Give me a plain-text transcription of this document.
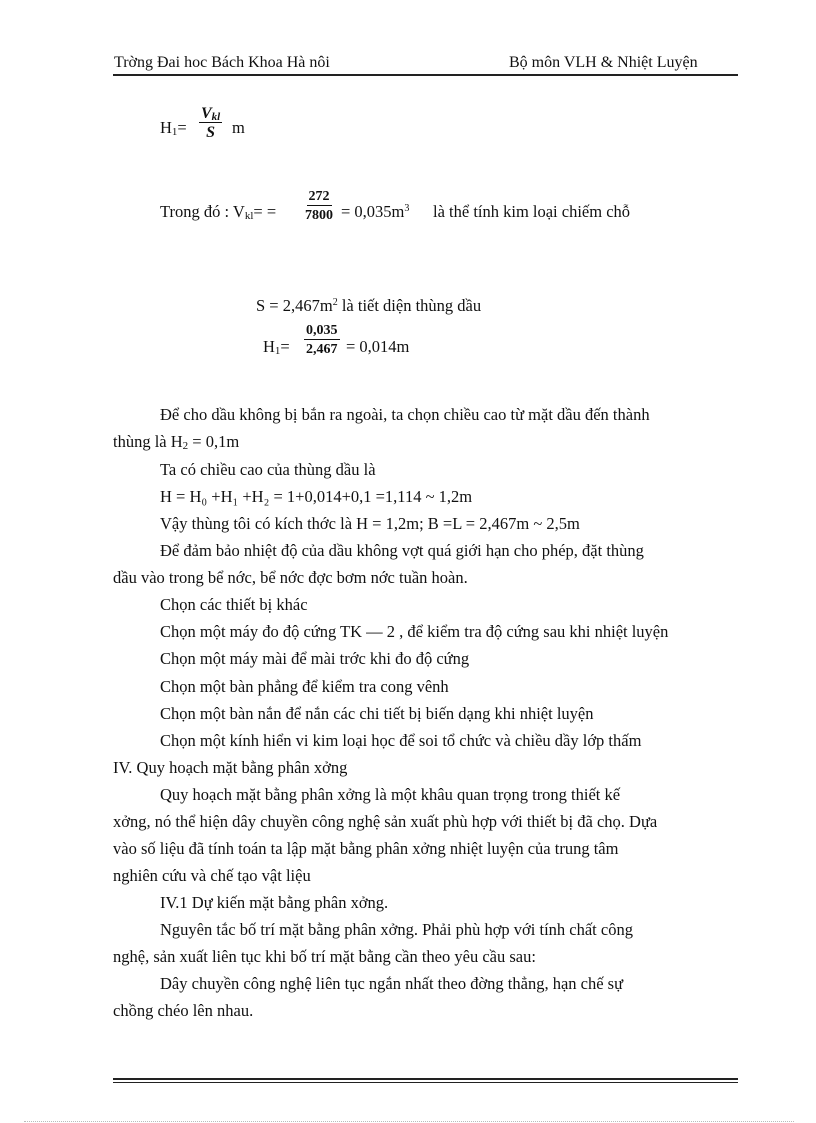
Trờng Đai hoc Bách Khoa Hà nôi	Bộ môn VLH & Nhiệt Luyện
$H_1=$
$V_{kl}$
S m
Trong đó : $V_{kl}= = \frac{272}{7800} = 0,035m^3$ là thể tính kim loại chiếm chỗ
$S = 2,467m^2$ là tiết diện thùng dầu
$H_1= \frac{0,035}{2,467} = 0,014m$
Để cho dầu không bị bắn ra ngoài, ta chọn chiều cao từ mặt dầu đến thành
thùng là $H_2 = 0,1m$
Ta có chiều cao của thùng dầu là
H = H₀ +H₁ +H₂ = 1+0,014+0,1 =1,114 ~ 1,2m
Vậy thùng tôi có kích thớc là H = 1,2m; B =L = 2,467m ~ 2,5m
Để đảm bảo nhiệt độ của dầu không vợt quá giới hạn cho phép, đặt thùng
dầu vào trong bể nớc, bể nớc đợc bơm nớc tuần hoàn.
Chọn các thiết bị khác
Chọn một máy đo độ cứng TK — 2 , để kiểm tra độ cứng sau khi nhiệt luyện
Chọn một máy mài để mài trớc khi đo độ cứng
Chọn một bàn phẳng để kiểm tra cong vênh
Chọn một bàn nắn để nắn các chi tiết bị biến dạng khi nhiệt luyện
Chọn một kính hiển vi kim loại học để soi tổ chức và chiều dầy lớp thấm
IV. Quy hoạch mặt bằng phân xởng
Quy hoạch mặt bằng phân xởng là một khâu quan trọng trong thiết kế
xởng, nó thể hiện dây chuyền công nghệ sản xuất phù hợp với thiết bị đã chọ. Dựa
vào số liệu đã tính toán ta lập mặt bằng phân xởng nhiệt luyện của trung tâm
nghiên cứu và chế tạo vật liệu
IV.1 Dự kiến mặt bằng phân xởng.
Nguyên tắc bố trí mặt bằng phân xởng. Phải phù hợp với tính chất công
nghệ, sản xuất liên tục khi bố trí mặt bằng cần theo yêu cầu sau:
Dây chuyền công nghệ liên tục ngắn nhất theo đờng thẳng, hạn chế sự
chồng chéo lên nhau.
